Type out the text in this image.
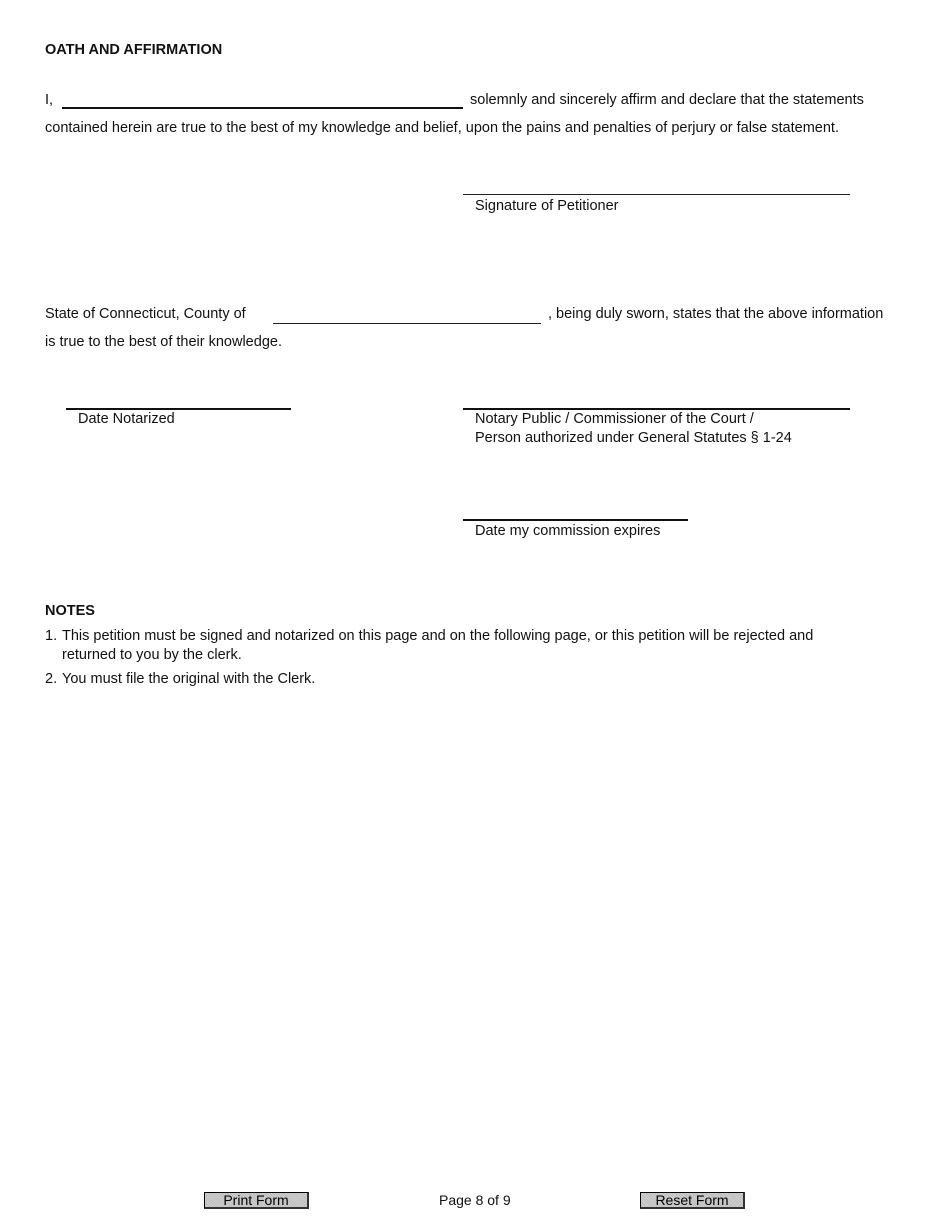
OATH AND AFFIRMATION
I,	solemnly and sincerely affirm and declare that the statements
contained herein are true to the best of my knowledge and belief, upon the pains and penalties of perjury or false statement.
Signature of Petitioner
State of Connecticut, County of	, being duly sworn, states that the above information
is true to the best of their knowledge.
Date Notarized	Notary Public / Commissioner of the Court /
Person authorized under General Statutes § 1-24
Date my commission expires
NOTES
1. This petition must be signed and notarized on this page and on the following page, or this petition will be rejected and
returned to you by the clerk.
2. You must file the original with the Clerk.
Print Form	Page 8 of 9	Reset Form
